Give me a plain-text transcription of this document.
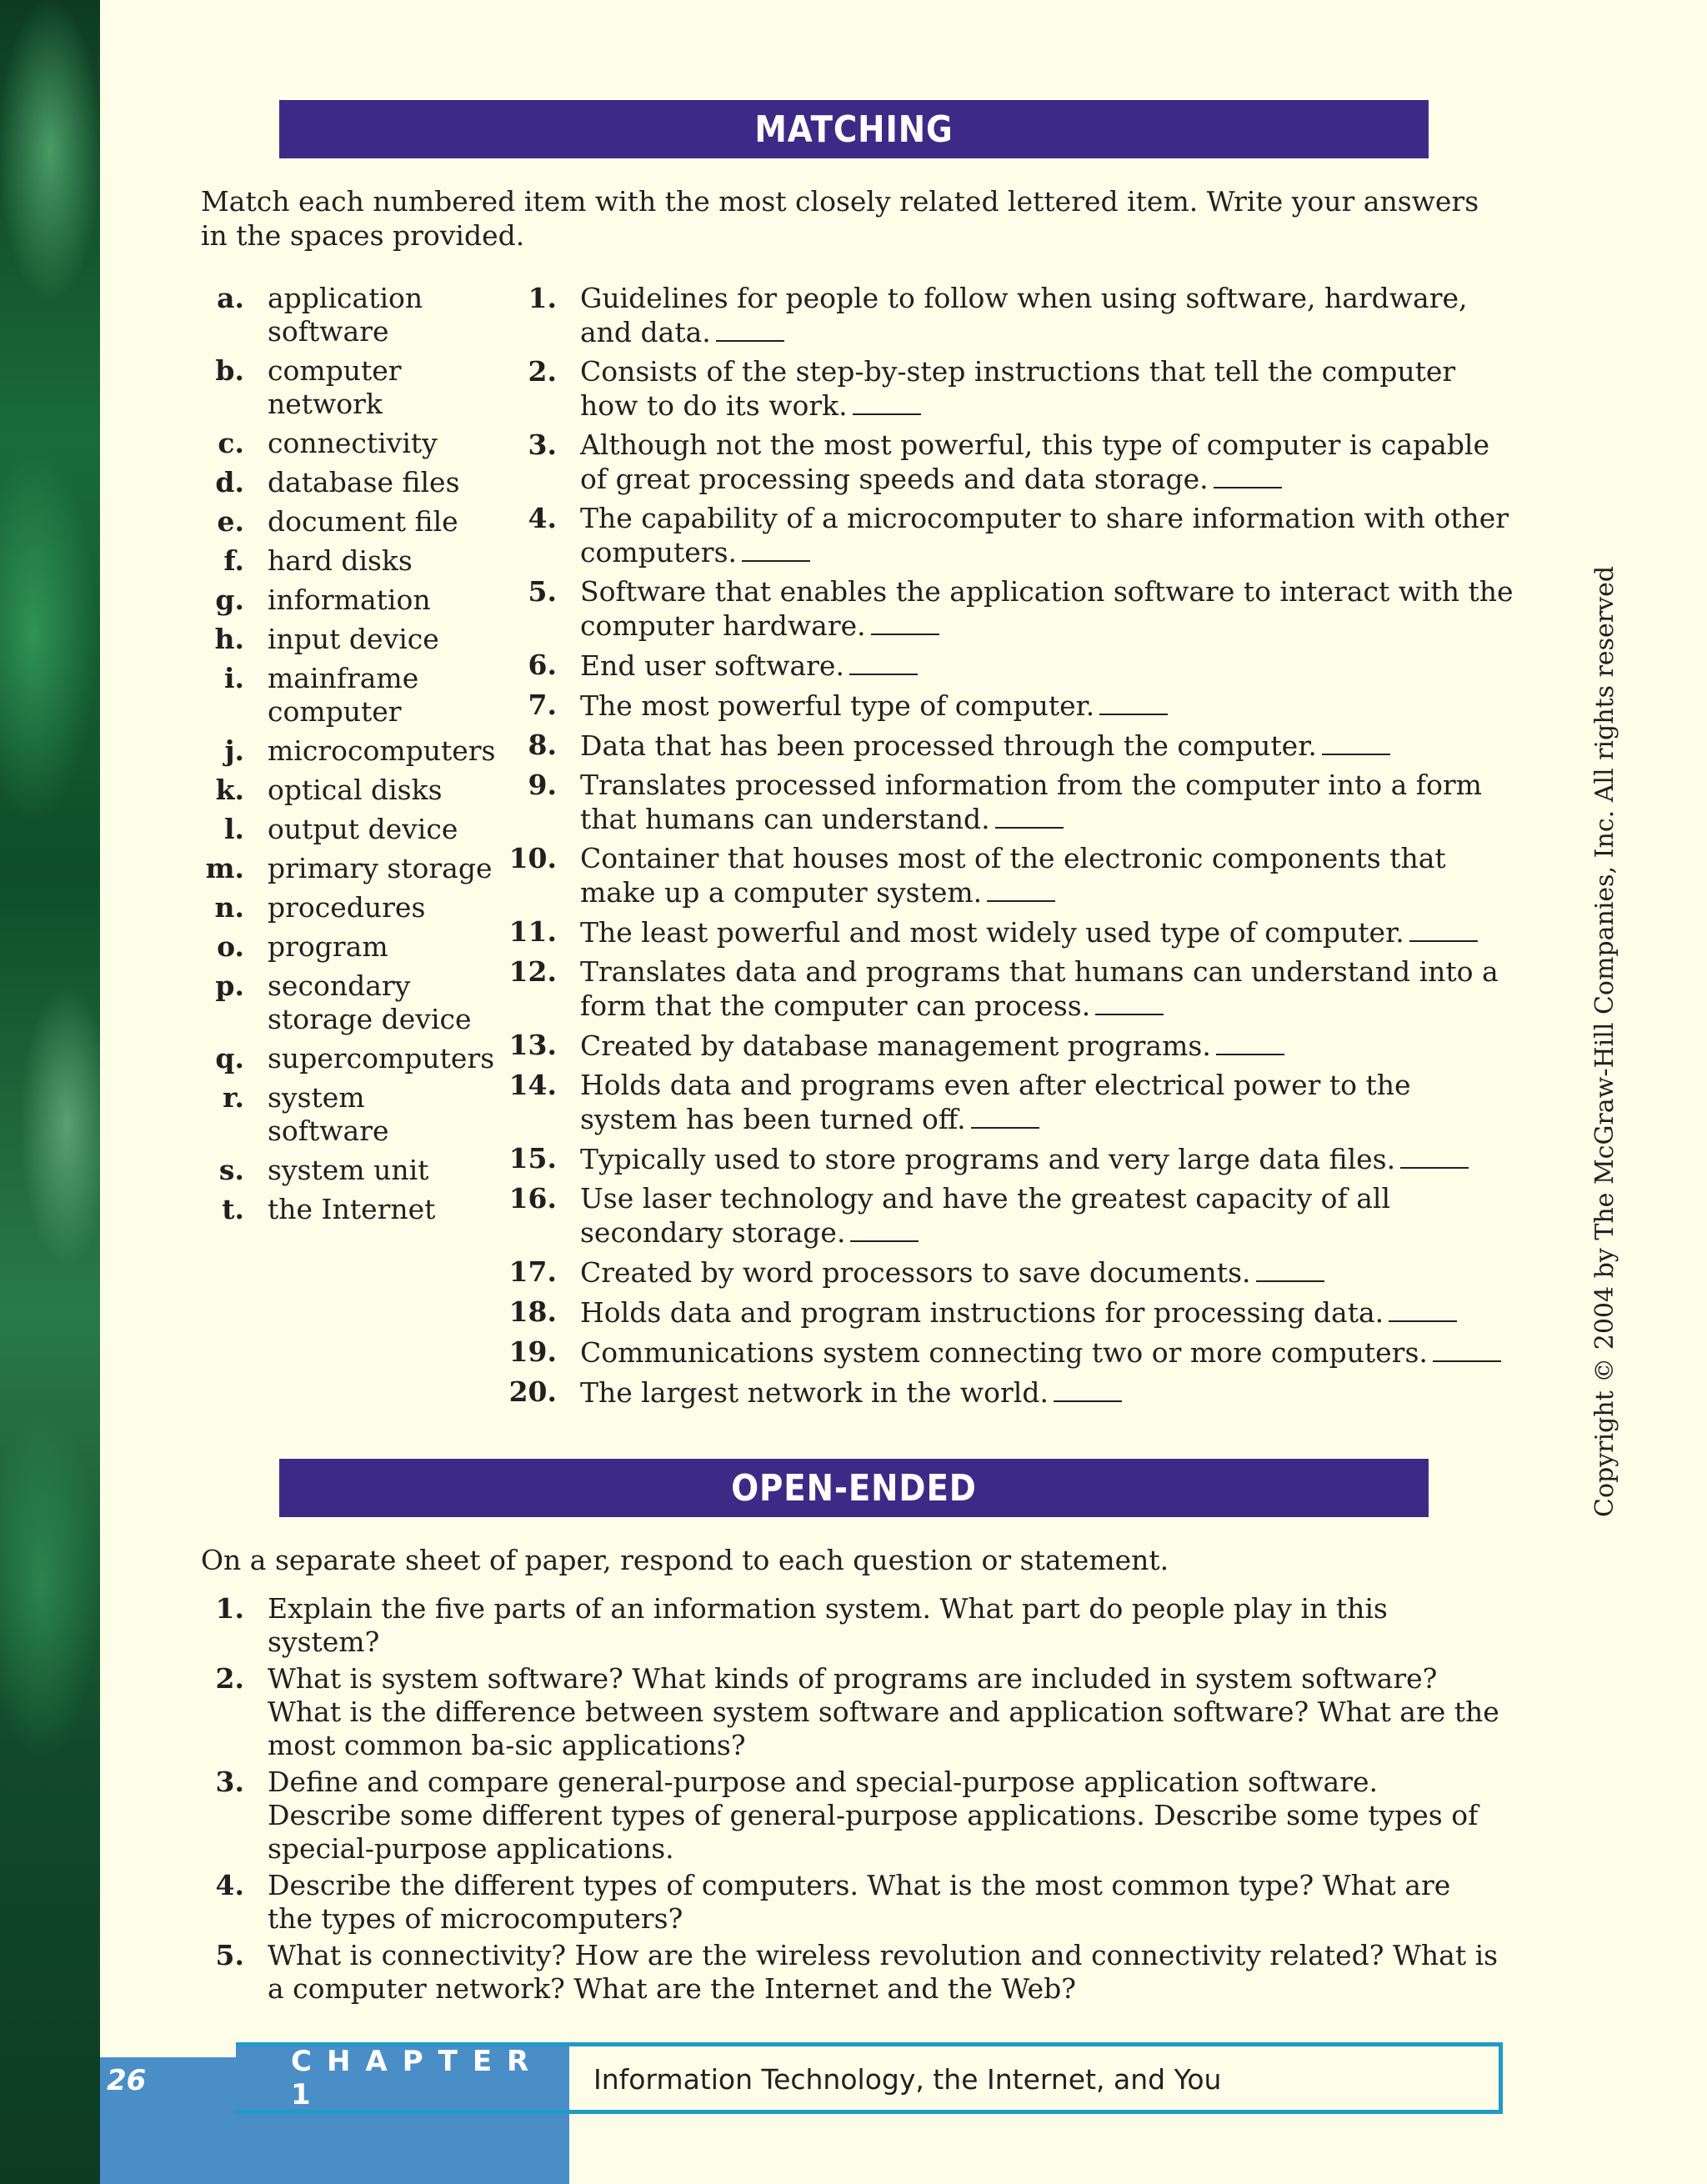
MATCHING

Match each numbered item with the most closely related lettered item. Write your answers in the spaces provided.

a. application software
b. computer network
c. connectivity
d. database files
e. document file
f. hard disks
g. information
h. input device
i. mainframe computer
j. microcomputers
k. optical disks
l. output device
m. primary storage
n. procedures
o. program
p. secondary storage device
q. supercomputers
r. system software
s. system unit
t. the Internet
1. Guidelines for people to follow when using software, hardware, and data.
2. Consists of the step-by-step instructions that tell the computer how to do its work.
3. Although not the most powerful, this type of computer is capable of great processing speeds and data storage.
4. The capability of a microcomputer to share information with other computers.
5. Software that enables the application software to interact with the computer hardware.
6. End user software.
7. The most powerful type of computer.
8. Data that has been processed through the computer.
9. Translates processed information from the computer into a form that humans can understand.
10. Container that houses most of the electronic components that make up a computer system.
11. The least powerful and most widely used type of computer.
12. Translates data and programs that humans can understand into a form that the computer can process.
13. Created by database management programs.
14. Holds data and programs even after electrical power to the system has been turned off.
15. Typically used to store programs and very large data files.
16. Use laser technology and have the greatest capacity of all secondary storage.
17. Created by word processors to save documents.
18. Holds data and program instructions for processing data.
19. Communications system connecting two or more computers.
20. The largest network in the world.
OPEN-ENDED

On a separate sheet of paper, respond to each question or statement.

1. Explain the five parts of an information system. What part do people play in this system?
2. What is system software? What kinds of programs are included in system software? What is the difference between system software and application software? What are the most common ba-sic applications?
3. Define and compare general-purpose and special-purpose application software. Describe some different types of general-purpose applications. Describe some types of special-purpose applications.
4. Describe the different types of computers. What is the most common type? What are the types of microcomputers?
5. What is connectivity? How are the wireless revolution and connectivity related? What is a computer network? What are the Internet and the Web?
Copyright © 2004 by The McGraw-Hill Companies, Inc. All rights reserved
26
CHAPTER 1	Information Technology, the Internet, and You
